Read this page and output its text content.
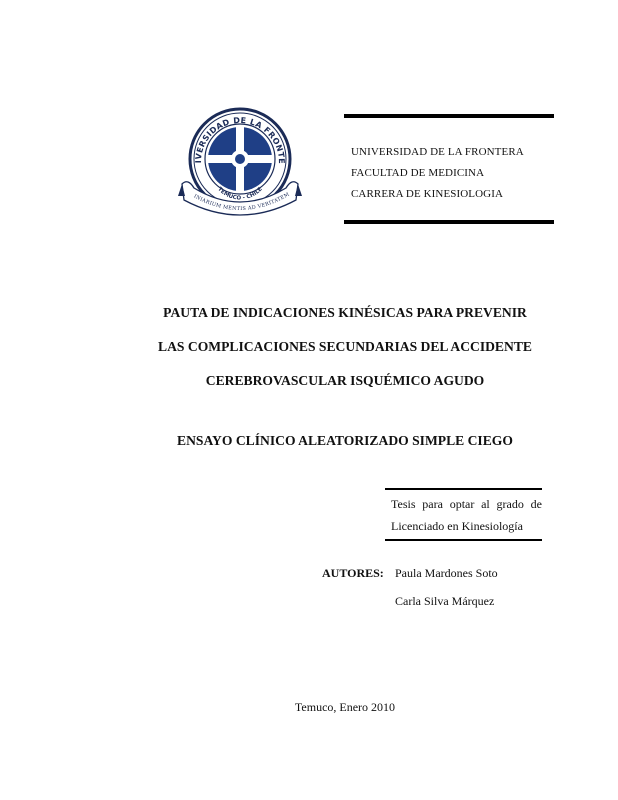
IVERSIDAD DE LA FRONTE
TEMUCO - CHILE
INIARIUM MENTIS AD VERITATEM
UNIVERSIDAD DE LA FRONTERA
FACULTAD DE MEDICINA
CARRERA DE KINESIOLOGIA
PAUTA DE INDICACIONES KINÉSICAS PARA PREVENIR
LAS COMPLICACIONES SECUNDARIAS DEL ACCIDENTE
CEREBROVASCULAR ISQUÉMICO AGUDO
ENSAYO CLÍNICO ALEATORIZADO SIMPLE CIEGO
Tesis para optar al grado de
Licenciado en Kinesiología
AUTORES: Paula Mardones Soto
Carla Silva Márquez
Temuco, Enero 2010
